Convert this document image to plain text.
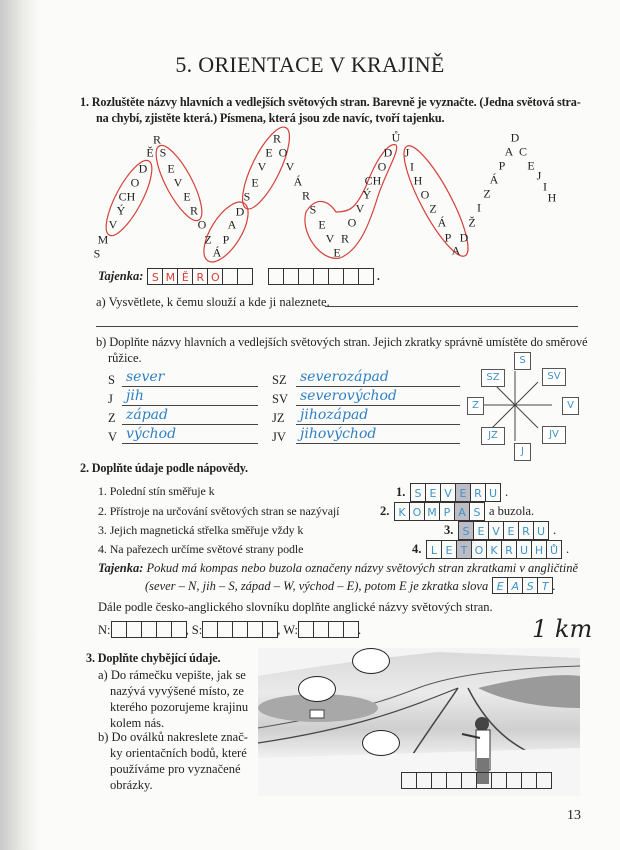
5. ORIENTACE V KRAJINĚ
1. Rozluštěte názvy hlavních a vedlejších světových stran. Barevně je vyznačte. (Jedna světová stra-
na chybí, zjistěte která.) Písmena, která jsou zde navíc, tvoří tajenku.
R
Ě S
D E
O	V
CH	E
Ý	R
V	O
M	Z P
S	Á
D
A
S
E
V
E O
R
V
Á
R
S
E O
V R
E
V
Ý
CH
O
D
Ů
J
I
H
O
Z
Á
P D
A
Ž
I
Z
Á
P
A
D
C
E
J
I
H
Tajenka: S M Ě R O	.
a) Vysvětlete, k čemu slouží a kde ji naleznete.
b) Doplňte názvy hlavních a vedlejších světových stran. Jejich zkratky správně umístěte do směrové
růžice.
S sever
J jih
Z západ
V východ
SZ severozápad
SV severovýchod
JZ jihozápad
JV jihovýchod
S
SZ	SV
Z	V
JZ	JV
J
2. Doplňte údaje podle nápovědy.
1. Polední stín směřuje k
2. Přístroje na určování světových stran se nazývají
3. Jejich magnetická střelka směřuje vždy k
4. Na pařezech určíme světové strany podle
1. S E V E R U .
2. K O M P A S a buzola.
3. S E V E R U .
4. L E T O K R U H Ů .
Tajenka: Pokud má kompas nebo buzola označeny názvy světových stran zkratkami v angličtině
(sever – N, jih – S, západ – W, východ – E), potom E je zkratka slova E A S T .
Dále podle česko-anglického slovníku doplňte anglické názvy světových stran.
N:	, S:	, W:	.	1 km
3. Doplňte chybějící údaje.
a) Do rámečku vepište, jak se
nazývá vyvýšené místo, ze
kterého pozorujeme krajinu
kolem nás.
b) Do oválků nakreslete znač-
ky orientačních bodů, které
používáme pro vyznačené
obrázky.
13
